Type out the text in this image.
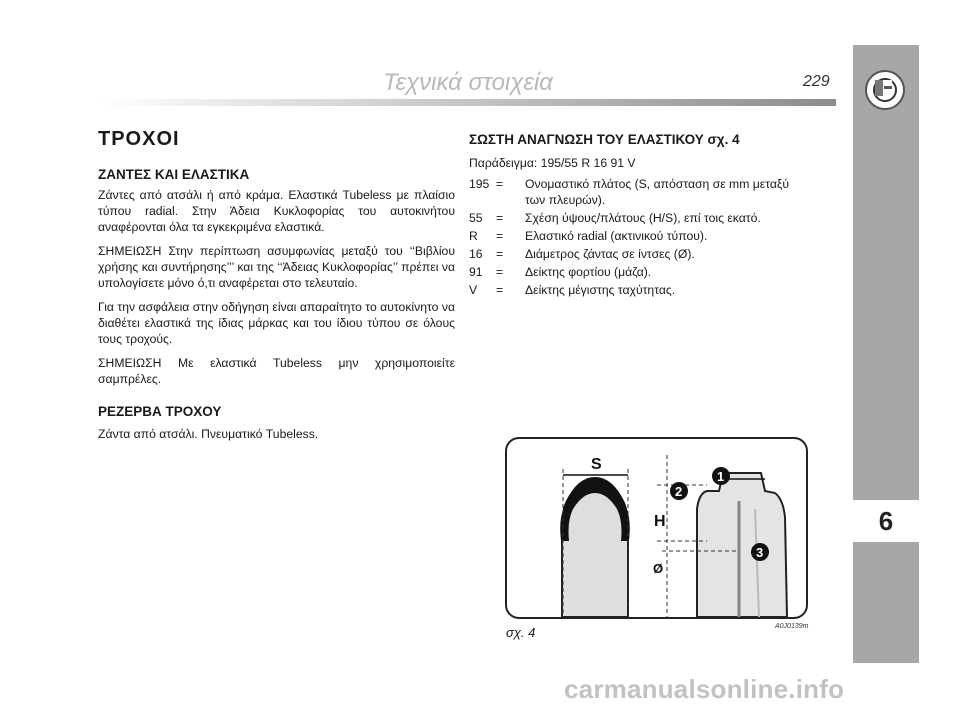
6
Τεχνικά στοιχεία	229
ΤΡΟΧΟΙ
ΖΑΝΤΕΣ ΚΑΙ ΕΛΑΣΤΙΚΑ

Ζάντες από ατσάλι ή από κράμα. Ελαστικά Tubeless με πλαίσιο τύπου radial. Στην Άδεια Κυκλοφορίας του αυτοκινήτου αναφέρονται όλα τα εγκεκριμένα ελαστικά.

ΣΗΜΕΙΩΣΗ Στην περίπτωση ασυμφωνίας μεταξύ του ‘‘Βιβλίου χρήσης και συντήρησης’’’ και της ‘‘Άδειας Κυκλοφορίας’’ πρέπει να υπολογίσετε μόνο ό,τι αναφέρεται στο τελευταίο.

Για την ασφάλεια στην οδήγηση είναι απαραίτητο το αυτοκίνητο να διαθέτει ελαστικά της ίδιας μάρκας και του ίδιου τύπου σε όλους τους τροχούς.

ΣΗΜΕΙΩΣΗ Με ελαστικά Tubeless μην χρησιμοποιείτε σαμπρέλες.

ΡΕΖΕΡΒΑ ΤΡΟΧΟΥ
Ζάντα από ατσάλι. Πνευματικό Tubeless.
ΣΩΣΤΗ ΑΝΑΓΝΩΣΗ ΤΟΥ ΕΛΑΣΤΙΚΟΥ σχ. 4
Παράδειγμα: 195/55 R 16 91 V
195 = Ονομαστικό πλάτος (S, απόσταση σε mm μεταξύ των πλευρών).
55	= Σχέση ύψους/πλάτους (H/S), επί τοις εκατό.
R	= Ελαστικό radial (ακτινικού τύπου).
16	= Διάμετρος ζάντας σε ίντσες (Ø).
91	= Δείκτης φορτίου (μάζα).
V	= Δείκτης μέγιστης ταχύτητας.
S
H
Ø
1
2
3
σχ. 4	A0J0139m
carmanualsonline.info
